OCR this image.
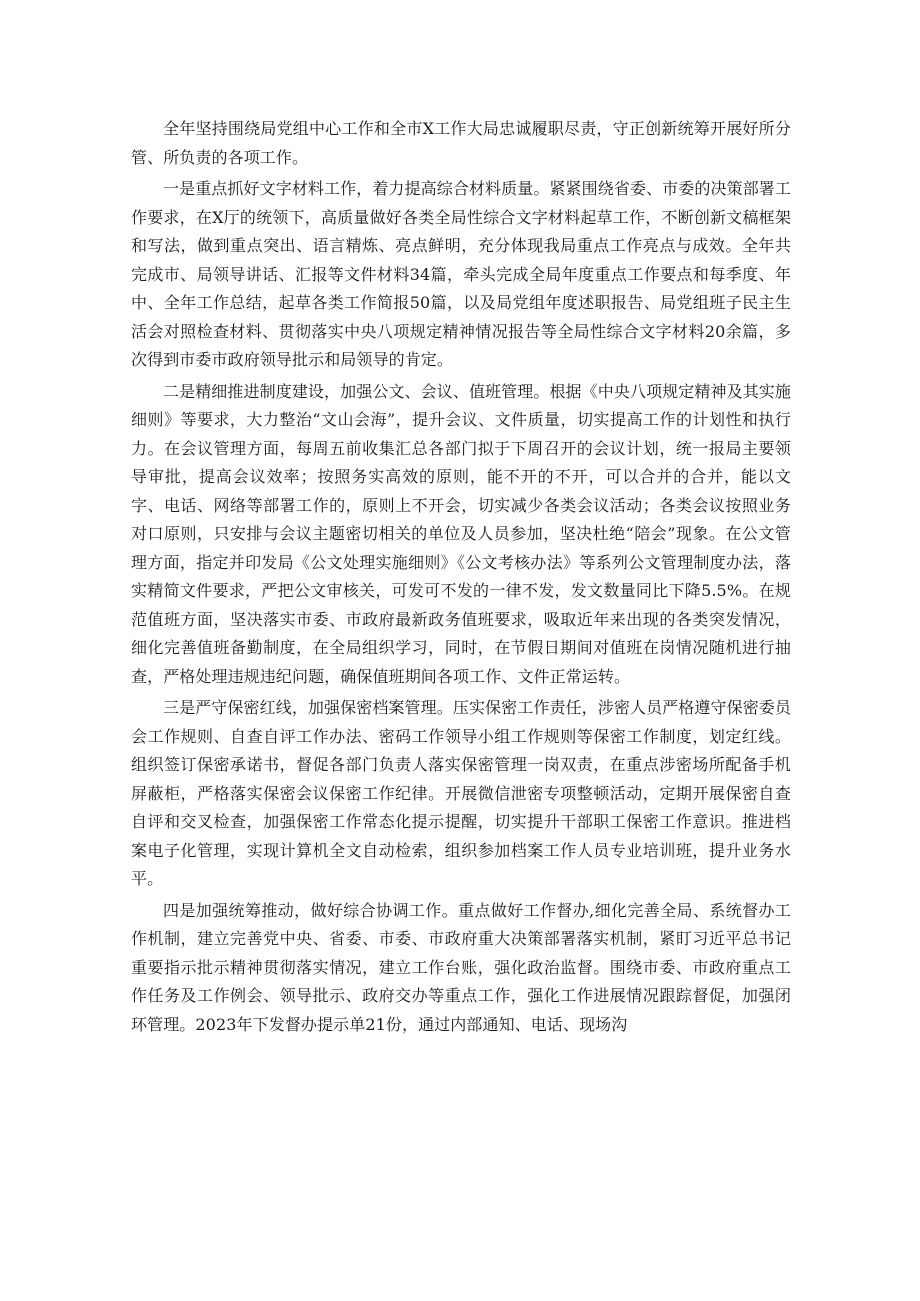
全年坚持围绕局党组中心工作和全市X工作大局忠诚履职尽责，守正创新统筹开展好所分管、所负责的各项工作。

一是重点抓好文字材料工作，着力提高综合材料质量。紧紧围绕省委、市委的决策部署工作要求，在X厅的统领下，高质量做好各类全局性综合文字材料起草工作，不断创新文稿框架和写法，做到重点突出、语言精炼、亮点鲜明，充分体现我局重点工作亮点与成效。全年共完成市、局领导讲话、汇报等文件材料34篇，牵头完成全局年度重点工作要点和每季度、年中、全年工作总结，起草各类工作简报50篇，以及局党组年度述职报告、局党组班子民主生活会对照检查材料、贯彻落实中央八项规定精神情况报告等全局性综合文字材料20余篇，多次得到市委市政府领导批示和局领导的肯定。

二是精细推进制度建设，加强公文、会议、值班管理。根据《中央八项规定精神及其实施细则》等要求，大力整治“文山会海”，提升会议、文件质量，切实提高工作的计划性和执行力。在会议管理方面，每周五前收集汇总各部门拟于下周召开的会议计划，统一报局主要领导审批，提高会议效率；按照务实高效的原则，能不开的不开，可以合并的合并，能以文字、电话、网络等部署工作的，原则上不开会，切实减少各类会议活动；各类会议按照业务对口原则，只安排与会议主题密切相关的单位及人员参加，坚决杜绝“陪会”现象。在公文管理方面，指定并印发局《公文处理实施细则》《公文考核办法》等系列公文管理制度办法，落实精简文件要求，严把公文审核关，可发可不发的一律不发，发文数量同比下降5.5%。在规范值班方面，坚决落实市委、市政府最新政务值班要求，吸取近年来出现的各类突发情况，细化完善值班备勤制度，在全局组织学习，同时，在节假日期间对值班在岗情况随机进行抽查，严格处理违规违纪问题，确保值班期间各项工作、文件正常运转。

三是严守保密红线，加强保密档案管理。压实保密工作责任，涉密人员严格遵守保密委员会工作规则、自查自评工作办法、密码工作领导小组工作规则等保密工作制度，划定红线。组织签订保密承诺书，督促各部门负责人落实保密管理一岗双责，在重点涉密场所配备手机屏蔽柜，严格落实保密会议保密工作纪律。开展微信泄密专项整顿活动，定期开展保密自查自评和交叉检查，加强保密工作常态化提示提醒，切实提升干部职工保密工作意识。推进档案电子化管理，实现计算机全文自动检索，组织参加档案工作人员专业培训班，提升业务水平。

四是加强统筹推动，做好综合协调工作。重点做好工作督办,细化完善全局、系统督办工作机制，建立完善党中央、省委、市委、市政府重大决策部署落实机制，紧盯习近平总书记重要指示批示精神贯彻落实情况，建立工作台账，强化政治监督。围绕市委、市政府重点工作任务及工作例会、领导批示、政府交办等重点工作，强化工作进展情况跟踪督促，加强闭环管理。2023年下发督办提示单21份，通过内部通知、电话、现场沟
